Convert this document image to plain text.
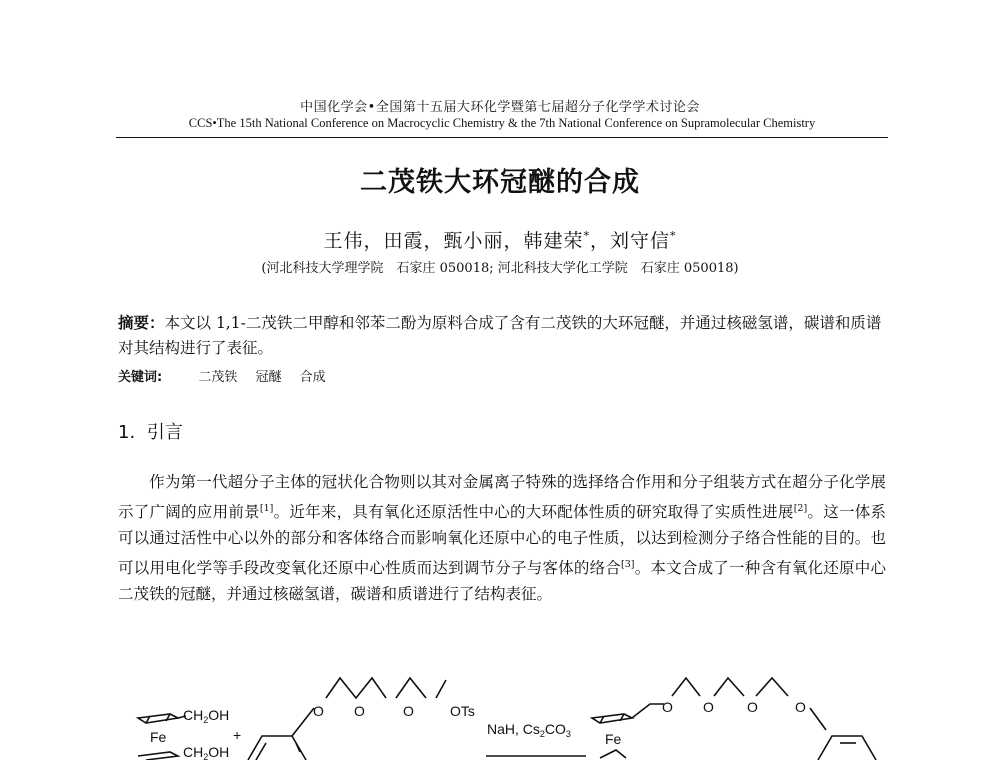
中国化学会•全国第十五届大环化学暨第七届超分子化学学术讨论会
CCS•The 15th National Conference on Macrocyclic Chemistry & the 7th National Conference on Supramolecular Chemistry
二茂铁大环冠醚的合成
王伟，田霞，甄小丽，韩建荣*，刘守信*
(河北科技大学理学院　石家庄 050018; 河北科技大学化工学院　石家庄 050018)
摘要：本文以 1,1-二茂铁二甲醇和邻苯二酚为原料合成了含有二茂铁的大环冠醚，并通过核磁氢谱，碳谱和质谱对其结构进行了表征。
关键词:	二茂铁 冠醚 合成
1. 引言
作为第一代超分子主体的冠状化合物则以其对金属离子特殊的选择络合作用和分子组装方式在超分子化学展示了广阔的应用前景[1]。近年来，具有氧化还原活性中心的大环配体性质的研究取得了实质性进展[2]。这一体系可以通过活性中心以外的部分和客体络合而影响氧化还原中心的电子性质，以达到检测分子络合性能的目的。也可以用电化学等手段改变氧化还原中心性质而达到调节分子与客体的络合[3]。本文合成了一种含有氧化还原中心二茂铁的冠醚，并通过核磁氢谱，碳谱和质谱进行了结构表征。
$CH_2OH$
Fe
$CH_2OH$
+
O O	O	OTs
NaH, $Cs_2CO_3$ Fe
O O O	O
